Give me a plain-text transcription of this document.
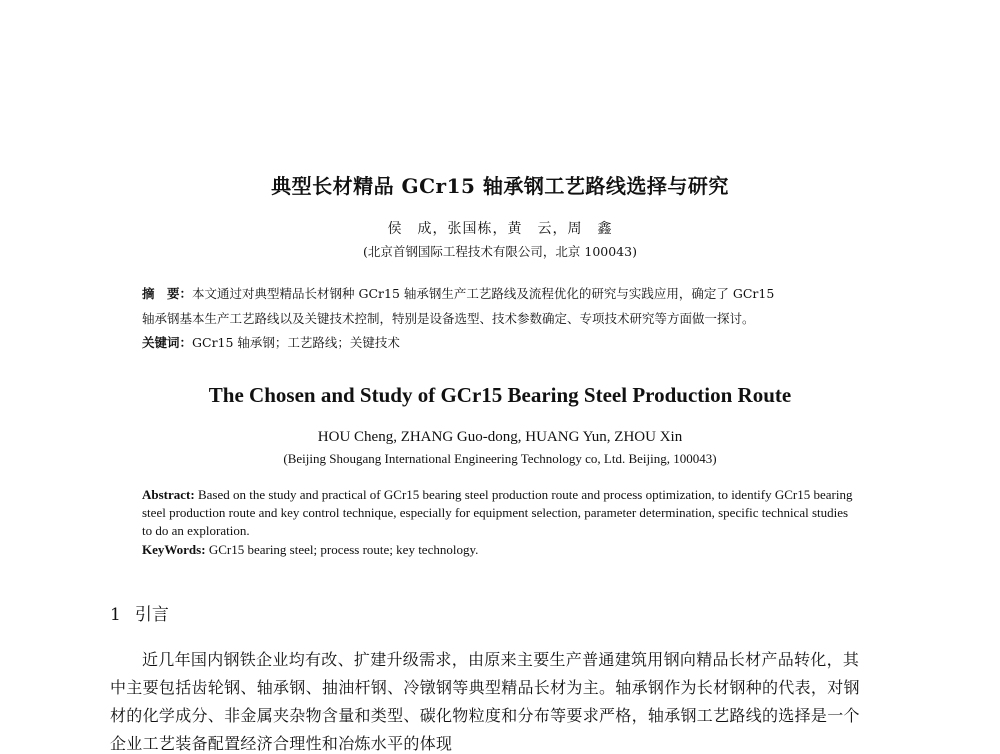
典型长材精品 GCr15 轴承钢工艺路线选择与研究
侯　成，张国栋，黄　云，周　鑫
(北京首钢国际工程技术有限公司，北京 100043)
摘　要：本文通过对典型精品长材钢种 GCr15 轴承钢生产工艺路线及流程优化的研究与实践应用，确定了 GCr15
轴承钢基本生产工艺路线以及关键技术控制，特别是设备选型、技术参数确定、专项技术研究等方面做一探讨。
关键词：GCr15 轴承钢；工艺路线；关键技术
The Chosen and Study of GCr15 Bearing Steel Production Route
HOU Cheng, ZHANG Guo-dong, HUANG Yun, ZHOU Xin
(Beijing Shougang International Engineering Technology co, Ltd. Beijing, 100043)
Abstract: Based on the study and practical of GCr15 bearing steel production route and process optimization, to identify GCr15 bearing steel production route and key control technique, especially for equipment selection, parameter determination, specific technical studies to do an exploration.
KeyWords: GCr15 bearing steel; process route; key technology.
1 引言
近几年国内钢铁企业均有改、扩建升级需求，由原来主要生产普通建筑用钢向精品长材产品转化，其
中主要包括齿轮钢、轴承钢、抽油杆钢、冷镦钢等典型精品长材为主。轴承钢作为长材钢种的代表，对钢
材的化学成分、非金属夹杂物含量和类型、碳化物粒度和分布等要求严格，轴承钢工艺路线的选择是一个
企业工艺装备配置经济合理性和冶炼水平的体现
